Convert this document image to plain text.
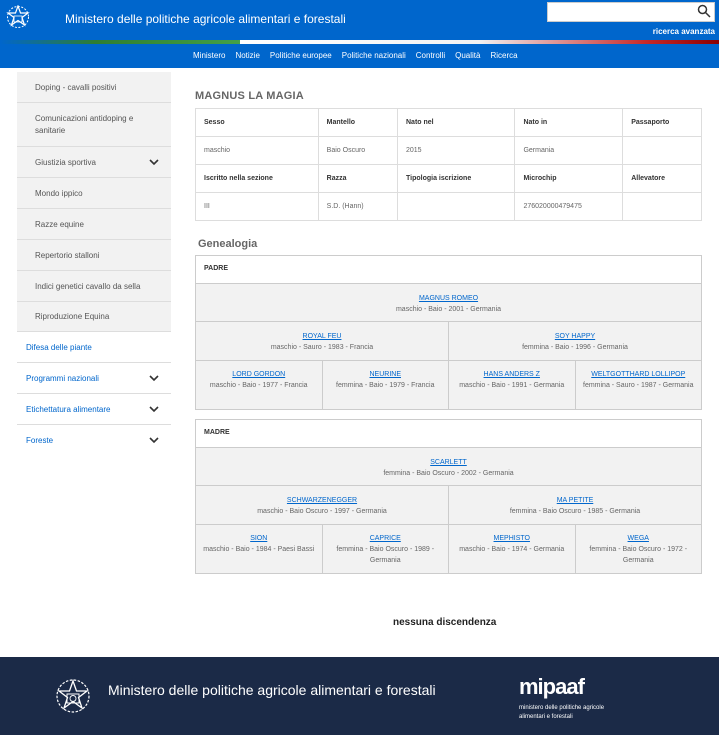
Ministero delle politiche agricole alimentari e forestali
ricerca avanzata
Ministero Notizie Politiche europee Politiche nazionali Controlli Qualità Ricerca
Doping - cavalli positivi
Comunicazioni antidoping e sanitarie
Giustizia sportiva
Mondo ippico
Razze equine
Repertorio stalloni
Indici genetici cavallo da sella
Riproduzione Equina
Difesa delle piante
Programmi nazionali
Etichettatura alimentare
Foreste
MAGNUS LA MAGIA
Sesso	Mantello	Nato nel	Nato in	Passaporto
maschio	Baio Oscuro	2015	Germania	
Iscritto nella sezione	Razza	Tipologia iscrizione	Microchip	Allevatore
III	S.D. (Hann)		276020000479475	
Genealogia
PADRE
MAGNUS ROMEO
maschio - Baio - 2001 - Germania
ROYAL FEU
maschio - Sauro - 1983 - Francia
SOY HAPPY
femmina - Baio - 1996 - Germania
LORD GORDON
maschio - Baio - 1977 - Francia
NEURINE
femmina - Baio - 1979 - Francia
HANS ANDERS Z
maschio - Baio - 1991 - Germania
WELTGOTTHARD LOLLIPOP
femmina - Sauro - 1987 - Germania
MADRE
SCARLETT
femmina - Baio Oscuro - 2002 - Germania
SCHWARZENEGGER
maschio - Baio Oscuro - 1997 - Germania
MA PETITE
femmina - Baio Oscuro - 1985 - Germania
SION
maschio - Baio - 1984 - Paesi Bassi
CAPRICE
femmina - Baio Oscuro - 1989 - Germania
MEPHISTO
maschio - Baio - 1974 - Germania
WEGA
femmina - Baio Oscuro - 1972 - Germania
nessuna discendenza
Ministero delle politiche agricole alimentari e forestali	mipaaf
ministero delle politiche agricole alimentari e forestali
